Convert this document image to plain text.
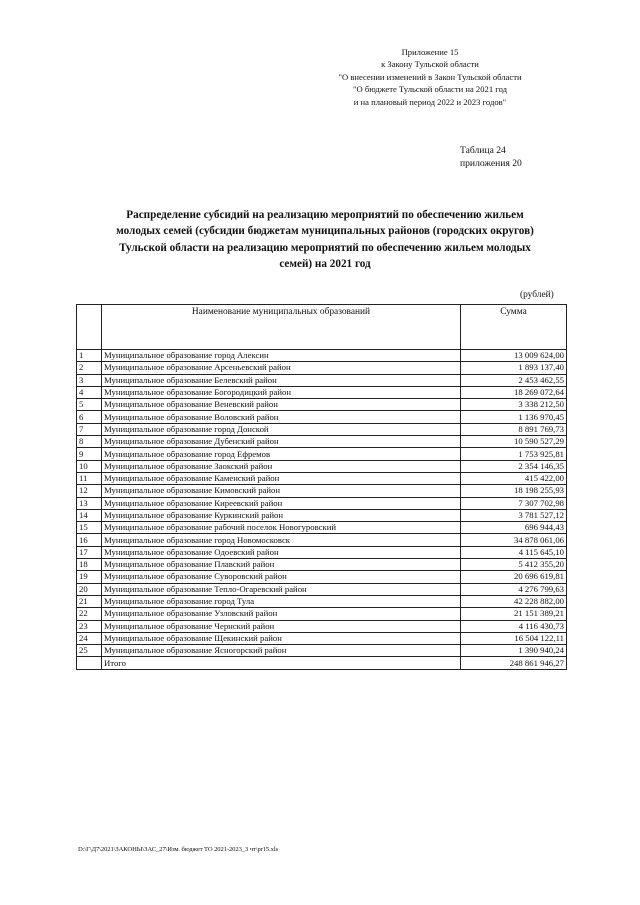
Приложение 15
к Закону Тульской области
"О внесении изменений в Закон Тульской области
"О бюджете Тульской области на 2021 год
и на плановый период 2022 и 2023 годов"
Таблица 24
приложения 20
Распределение субсидий на реализацию мероприятий по обеспечению жильем
молодых семей (субсидии бюджетам муниципальных районов (городских округов)
Тульской области на реализацию мероприятий по обеспечению жильем молодых
семей) на 2021 год
(рублей)
	Наименование муниципальных образований	Сумма
1	Муниципальное образование город Алексин	13 009 624,00
2	Муниципальное образование Арсеньевский район	1 893 137,40
3	Муниципальное образование Белевский район	2 453 462,55
4	Муниципальное образование Богородицкий район	18 269 072,64
5	Муниципальное образование Веневский район	3 338 212,50
6	Муниципальное образование Воловский район	1 136 970,45
7	Муниципальное образование город Донской	8 891 769,73
8	Муниципальное образование Дубенский район	10 590 527,29
9	Муниципальное образование город Ефремов	1 753 925,81
10	Муниципальное образование Заокский район	2 354 146,35
11	Муниципальное образование Каменский район	415 422,00
12	Муниципальное образование Кимовский район	18 198 255,93
13	Муниципальное образование Киреевский район	7 307 702,98
14	Муниципальное образование Куркинский район	3 781 527,12
15	Муниципальное образование рабочий поселок Новогуровский	696 944,43
16	Муниципальное образование город Новомосковск	34 878 061,06
17	Муниципальное образование Одоевский район	4 115 645,10
18	Муниципальное образование Плавский район	5 412 355,20
19	Муниципальное образование Суворовский район	20 696 619,81
20	Муниципальное образование Тепло-Огаревский район	4 276 799,63
21	Муниципальное образование город Тула	42 228 882,00
22	Муниципальное образование Узловский район	21 151 389,21
23	Муниципальное образование Чернский район	4 116 430,73
24	Муниципальное образование Щекинский район	16 504 122,11
25	Муниципальное образование Ясногорский район	1 390 940,24
	Итого	248 861 946,27
D:\Г\Д7\2021\ЗАКОНЫ\ЗАС_27\Изм. бюджет ТО 2021-2023_3 чт\pr15.xls
